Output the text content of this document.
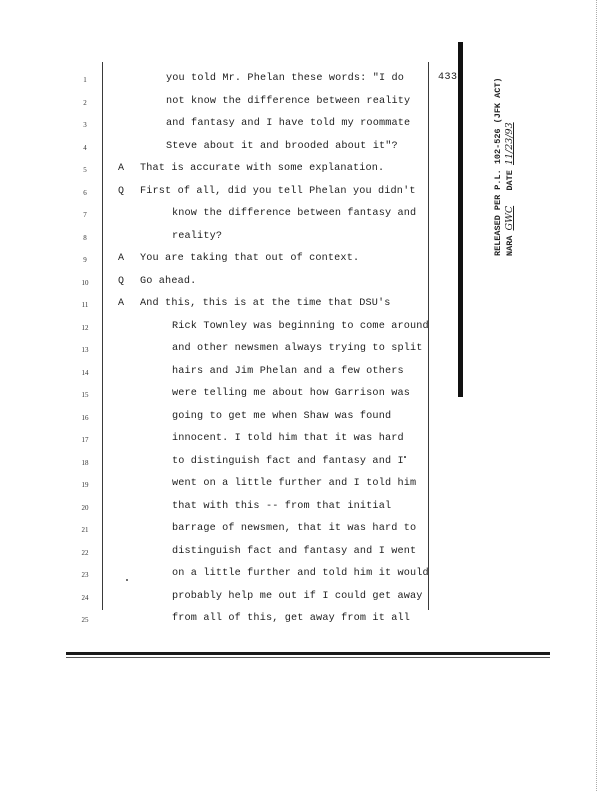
433	RELEASED PER P.L. 102-526 (JFK ACT) NARA GWC   DATE 11/23/93
1	you told Mr. Phelan these words: "I do
2	not know the difference between reality
3	and fantasy and I have told my roommate
4	Steve about it and brooded about it"?
5	A That is accurate with some explanation.
6	Q First of all, did you tell Phelan you didn't
7	know the difference between fantasy and
8	reality?
9	A You are taking that out of context.
10	Q Go ahead.
11	A And this, this is at the time that DSU's
12	Rick Townley was beginning to come around
13	and other newsmen always trying to split
14	hairs and Jim Phelan and a few others
15	were telling me about how Garrison was
16	going to get me when Shaw was found
17	innocent. I told him that it was hard
18	to distinguish fact and fantasy and I
19	went on a little further and I told him
20	that with this -- from that initial
21	barrage of newsmen, that it was hard to
22	distinguish fact and fantasy and I went
23	on a little further and told him it would
24	probably help me out if I could get away
25	from all of this, get away from it all
